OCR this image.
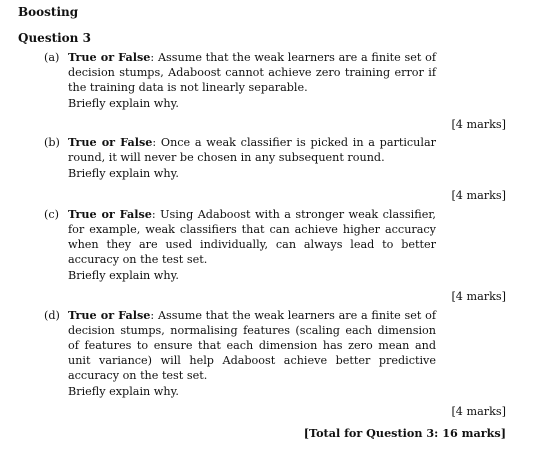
Boosting
Question 3
(a) True or False: Assume that the weak learners are a finite set of decision stumps, Adaboost cannot achieve zero training error if the training data is not linearly separable.
Briefly explain why.
[4 marks]
(b) True or False: Once a weak classifier is picked in a particular round, it will never be chosen in any subsequent round.
Briefly explain why.
[4 marks]
(c) True or False: Using Adaboost with a stronger weak classifier, for example, weak classifiers that can achieve higher accuracy when they are used individually, can always lead to better accuracy on the test set.
Briefly explain why.
[4 marks]
(d) True or False: Assume that the weak learners are a finite set of decision stumps, normalising features (scaling each dimension of features to ensure that each dimension has zero mean and unit variance) will help Adaboost achieve better predictive accuracy on the test set.
Briefly explain why.
[4 marks]
[Total for Question 3: 16 marks]
